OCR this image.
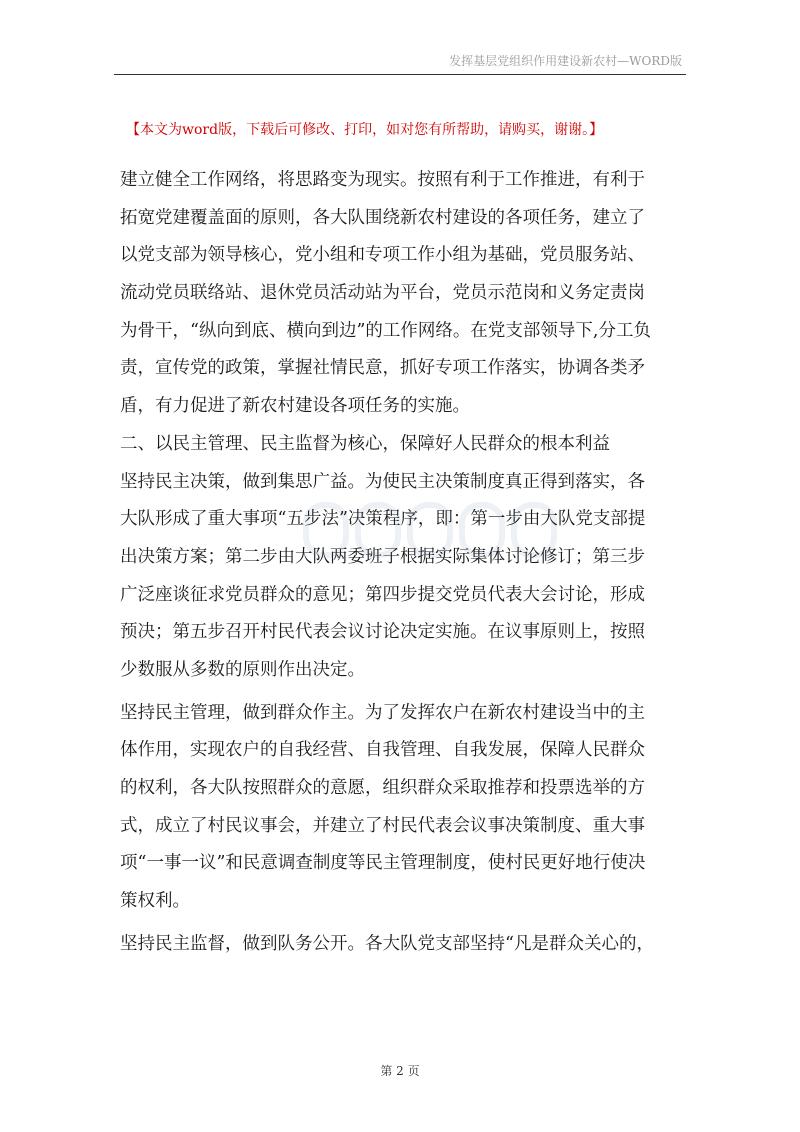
发挥基层党组织作用建设新农村—WORD版
【本文为word版，下载后可修改、打印，如对您有所帮助，请购买，谢谢。】
建立健全工作网络，将思路变为现实。按照有利于工作推进，有利于
拓宽党建覆盖面的原则，各大队围绕新农村建设的各项任务，建立了
以党支部为领导核心，党小组和专项工作小组为基础，党员服务站、
流动党员联络站、退休党员活动站为平台，党员示范岗和义务定责岗
为骨干，“纵向到底、横向到边”的工作网络。在党支部领导下,分工负
责，宣传党的政策，掌握社情民意，抓好专项工作落实，协调各类矛
盾，有力促进了新农村建设各项任务的实施。
二、以民主管理、民主监督为核心，保障好人民群众的根本利益
坚持民主决策，做到集思广益。为使民主决策制度真正得到落实，各
大队形成了重大事项“五步法”决策程序，即：第一步由大队党支部提
出决策方案；第二步由大队两委班子根据实际集体讨论修订；第三步
广泛座谈征求党员群众的意见；第四步提交党员代表大会讨论，形成
预决；第五步召开村民代表会议讨论决定实施。在议事原则上，按照
少数服从多数的原则作出决定。
坚持民主管理，做到群众作主。为了发挥农户在新农村建设当中的主
体作用，实现农户的自我经营、自我管理、自我发展，保障人民群众
的权利，各大队按照群众的意愿，组织群众采取推荐和投票选举的方
式，成立了村民议事会，并建立了村民代表会议事决策制度、重大事
项“一事一议”和民意调查制度等民主管理制度，使村民更好地行使决
策权利。
坚持民主监督，做到队务公开。各大队党支部坚持“凡是群众关心的，
第 2 页
